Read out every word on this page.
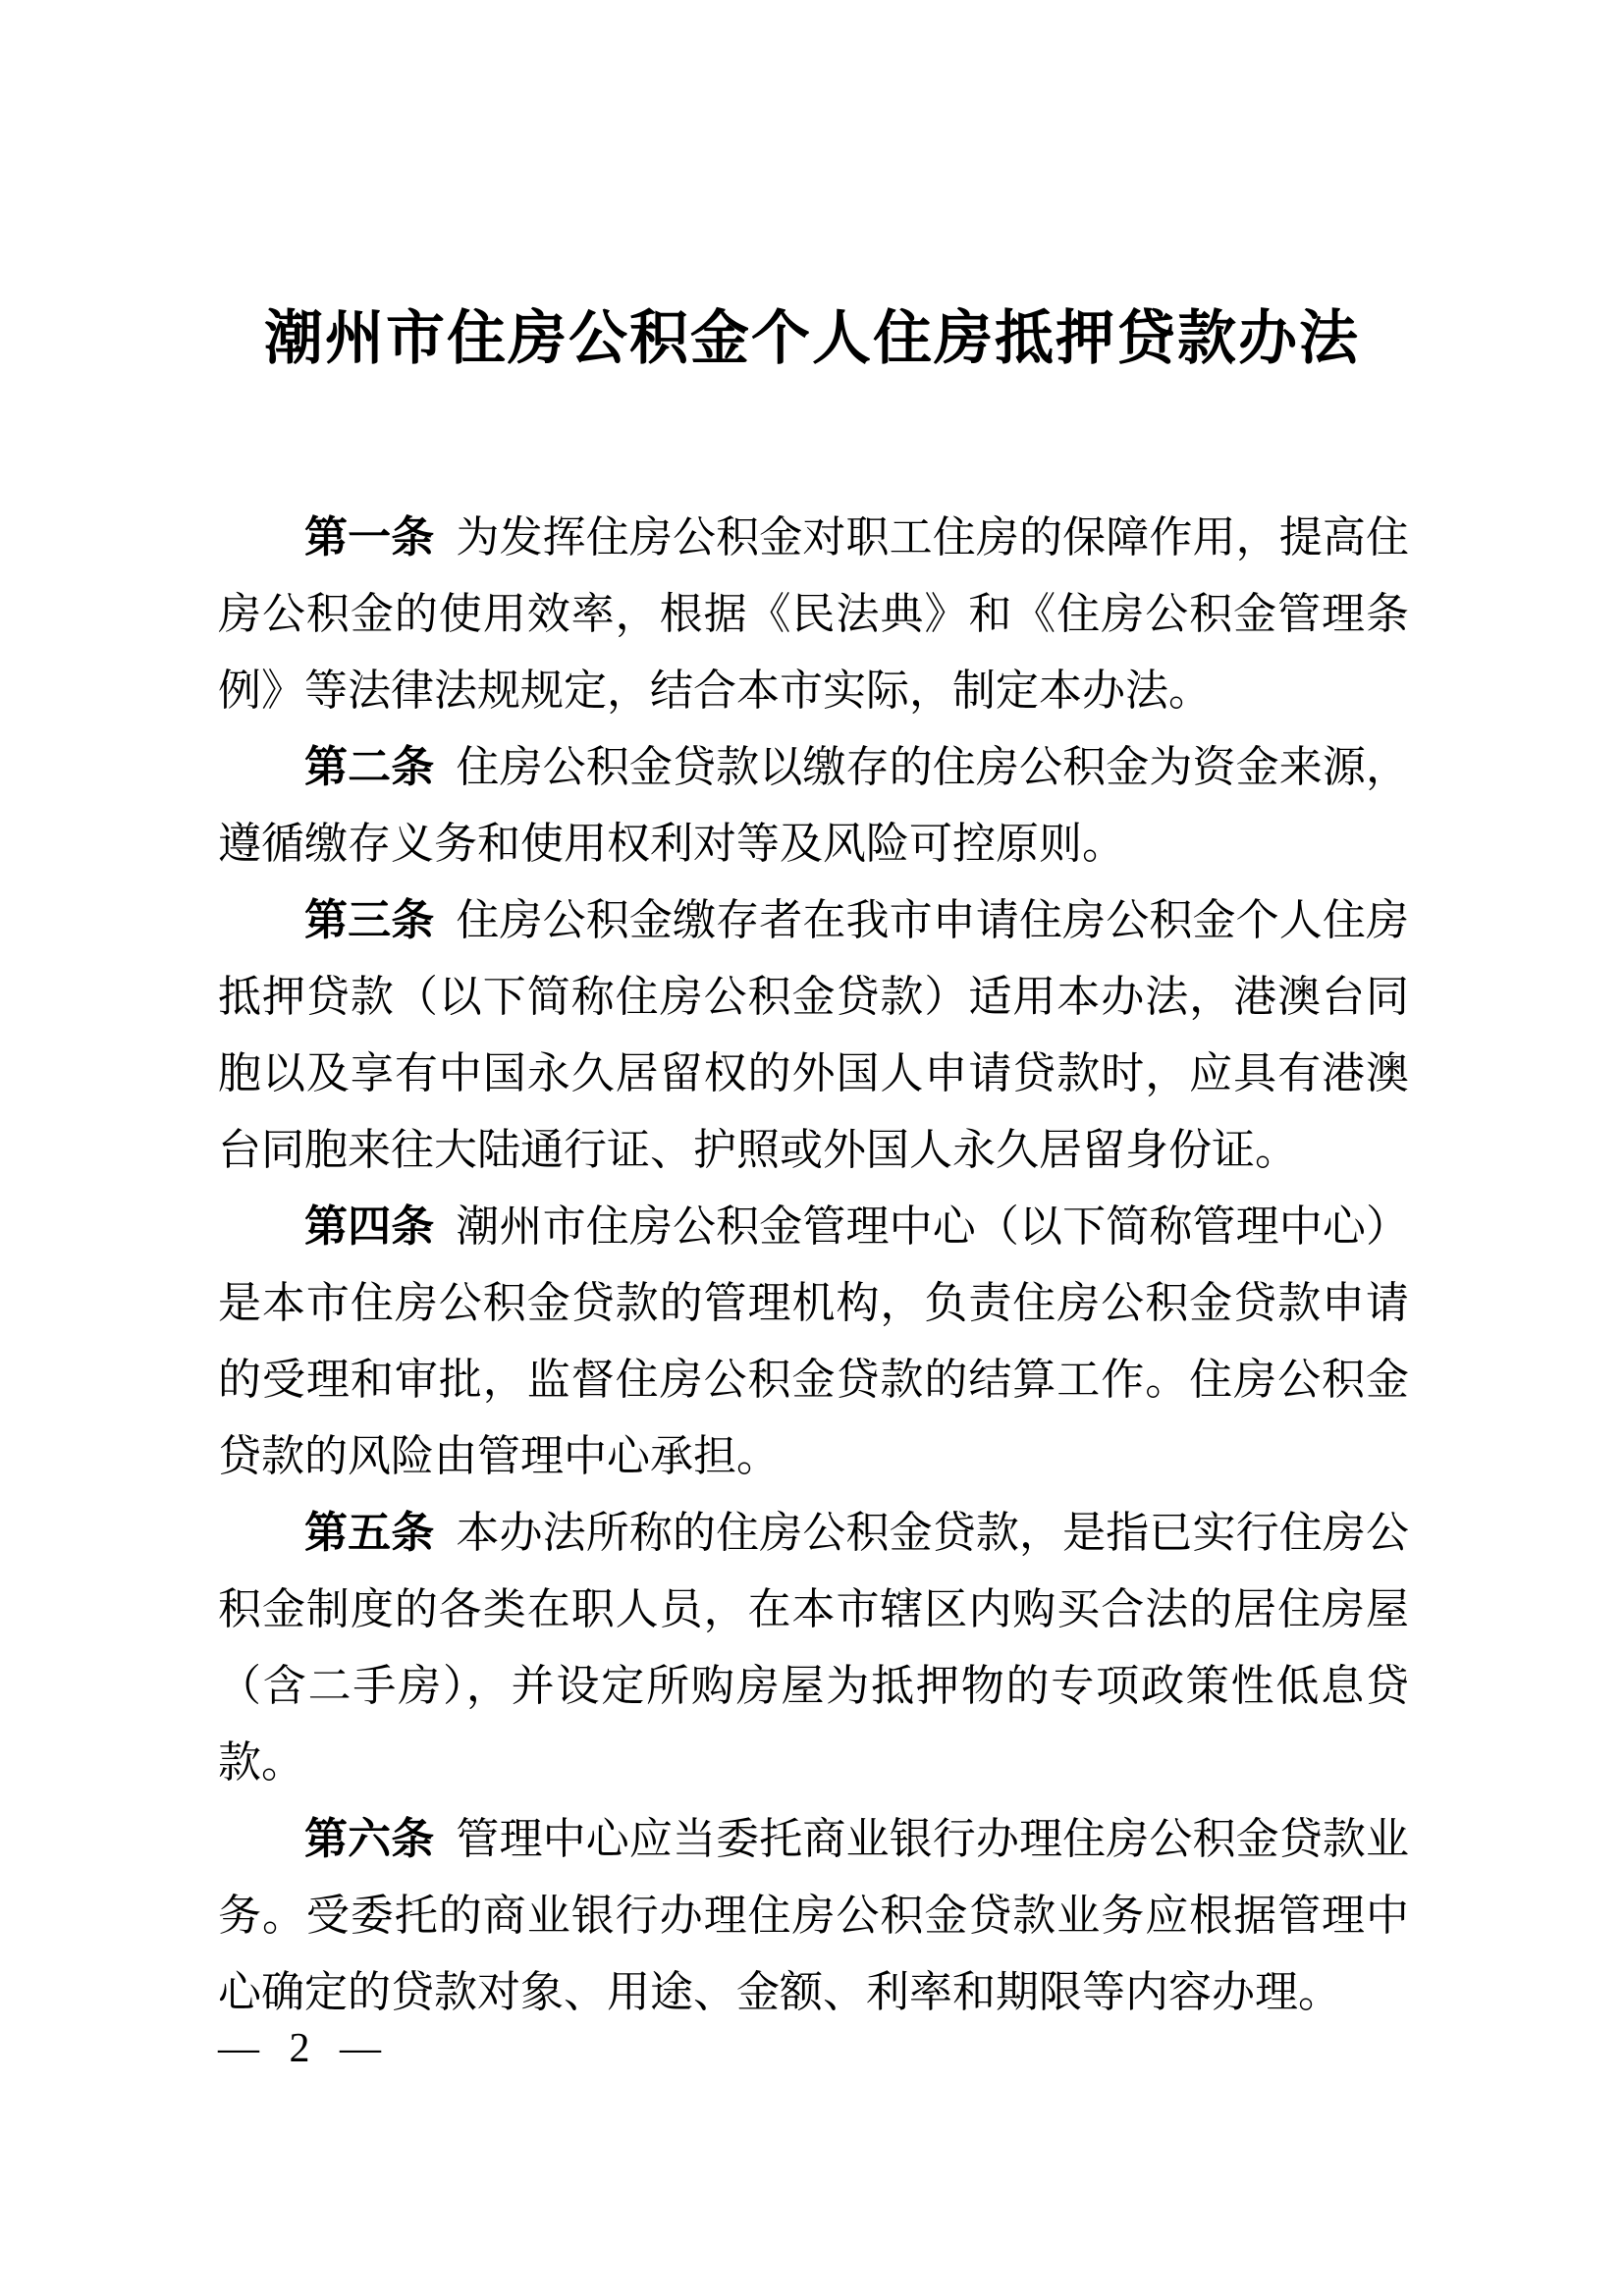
潮州市住房公积金个人住房抵押贷款办法

第一条 为发挥住房公积金对职工住房的保障作用，提高住房公积金的使用效率，根据《民法典》和《住房公积金管理条例》等法律法规规定，结合本市实际，制定本办法。

第二条 住房公积金贷款以缴存的住房公积金为资金来源，遵循缴存义务和使用权利对等及风险可控原则。

第三条 住房公积金缴存者在我市申请住房公积金个人住房抵押贷款（以下简称住房公积金贷款）适用本办法，港澳台同胞以及享有中国永久居留权的外国人申请贷款时，应具有港澳台同胞来往大陆通行证、护照或外国人永久居留身份证。

第四条 潮州市住房公积金管理中心（以下简称管理中心）是本市住房公积金贷款的管理机构，负责住房公积金贷款申请的受理和审批，监督住房公积金贷款的结算工作。住房公积金贷款的风险由管理中心承担。

第五条 本办法所称的住房公积金贷款，是指已实行住房公积金制度的各类在职人员，在本市辖区内购买合法的居住房屋（含二手房），并设定所购房屋为抵押物的专项政策性低息贷款。

第六条 管理中心应当委托商业银行办理住房公积金贷款业务。受委托的商业银行办理住房公积金贷款业务应根据管理中心确定的贷款对象、用途、金额、利率和期限等内容办理。

— 2 —
